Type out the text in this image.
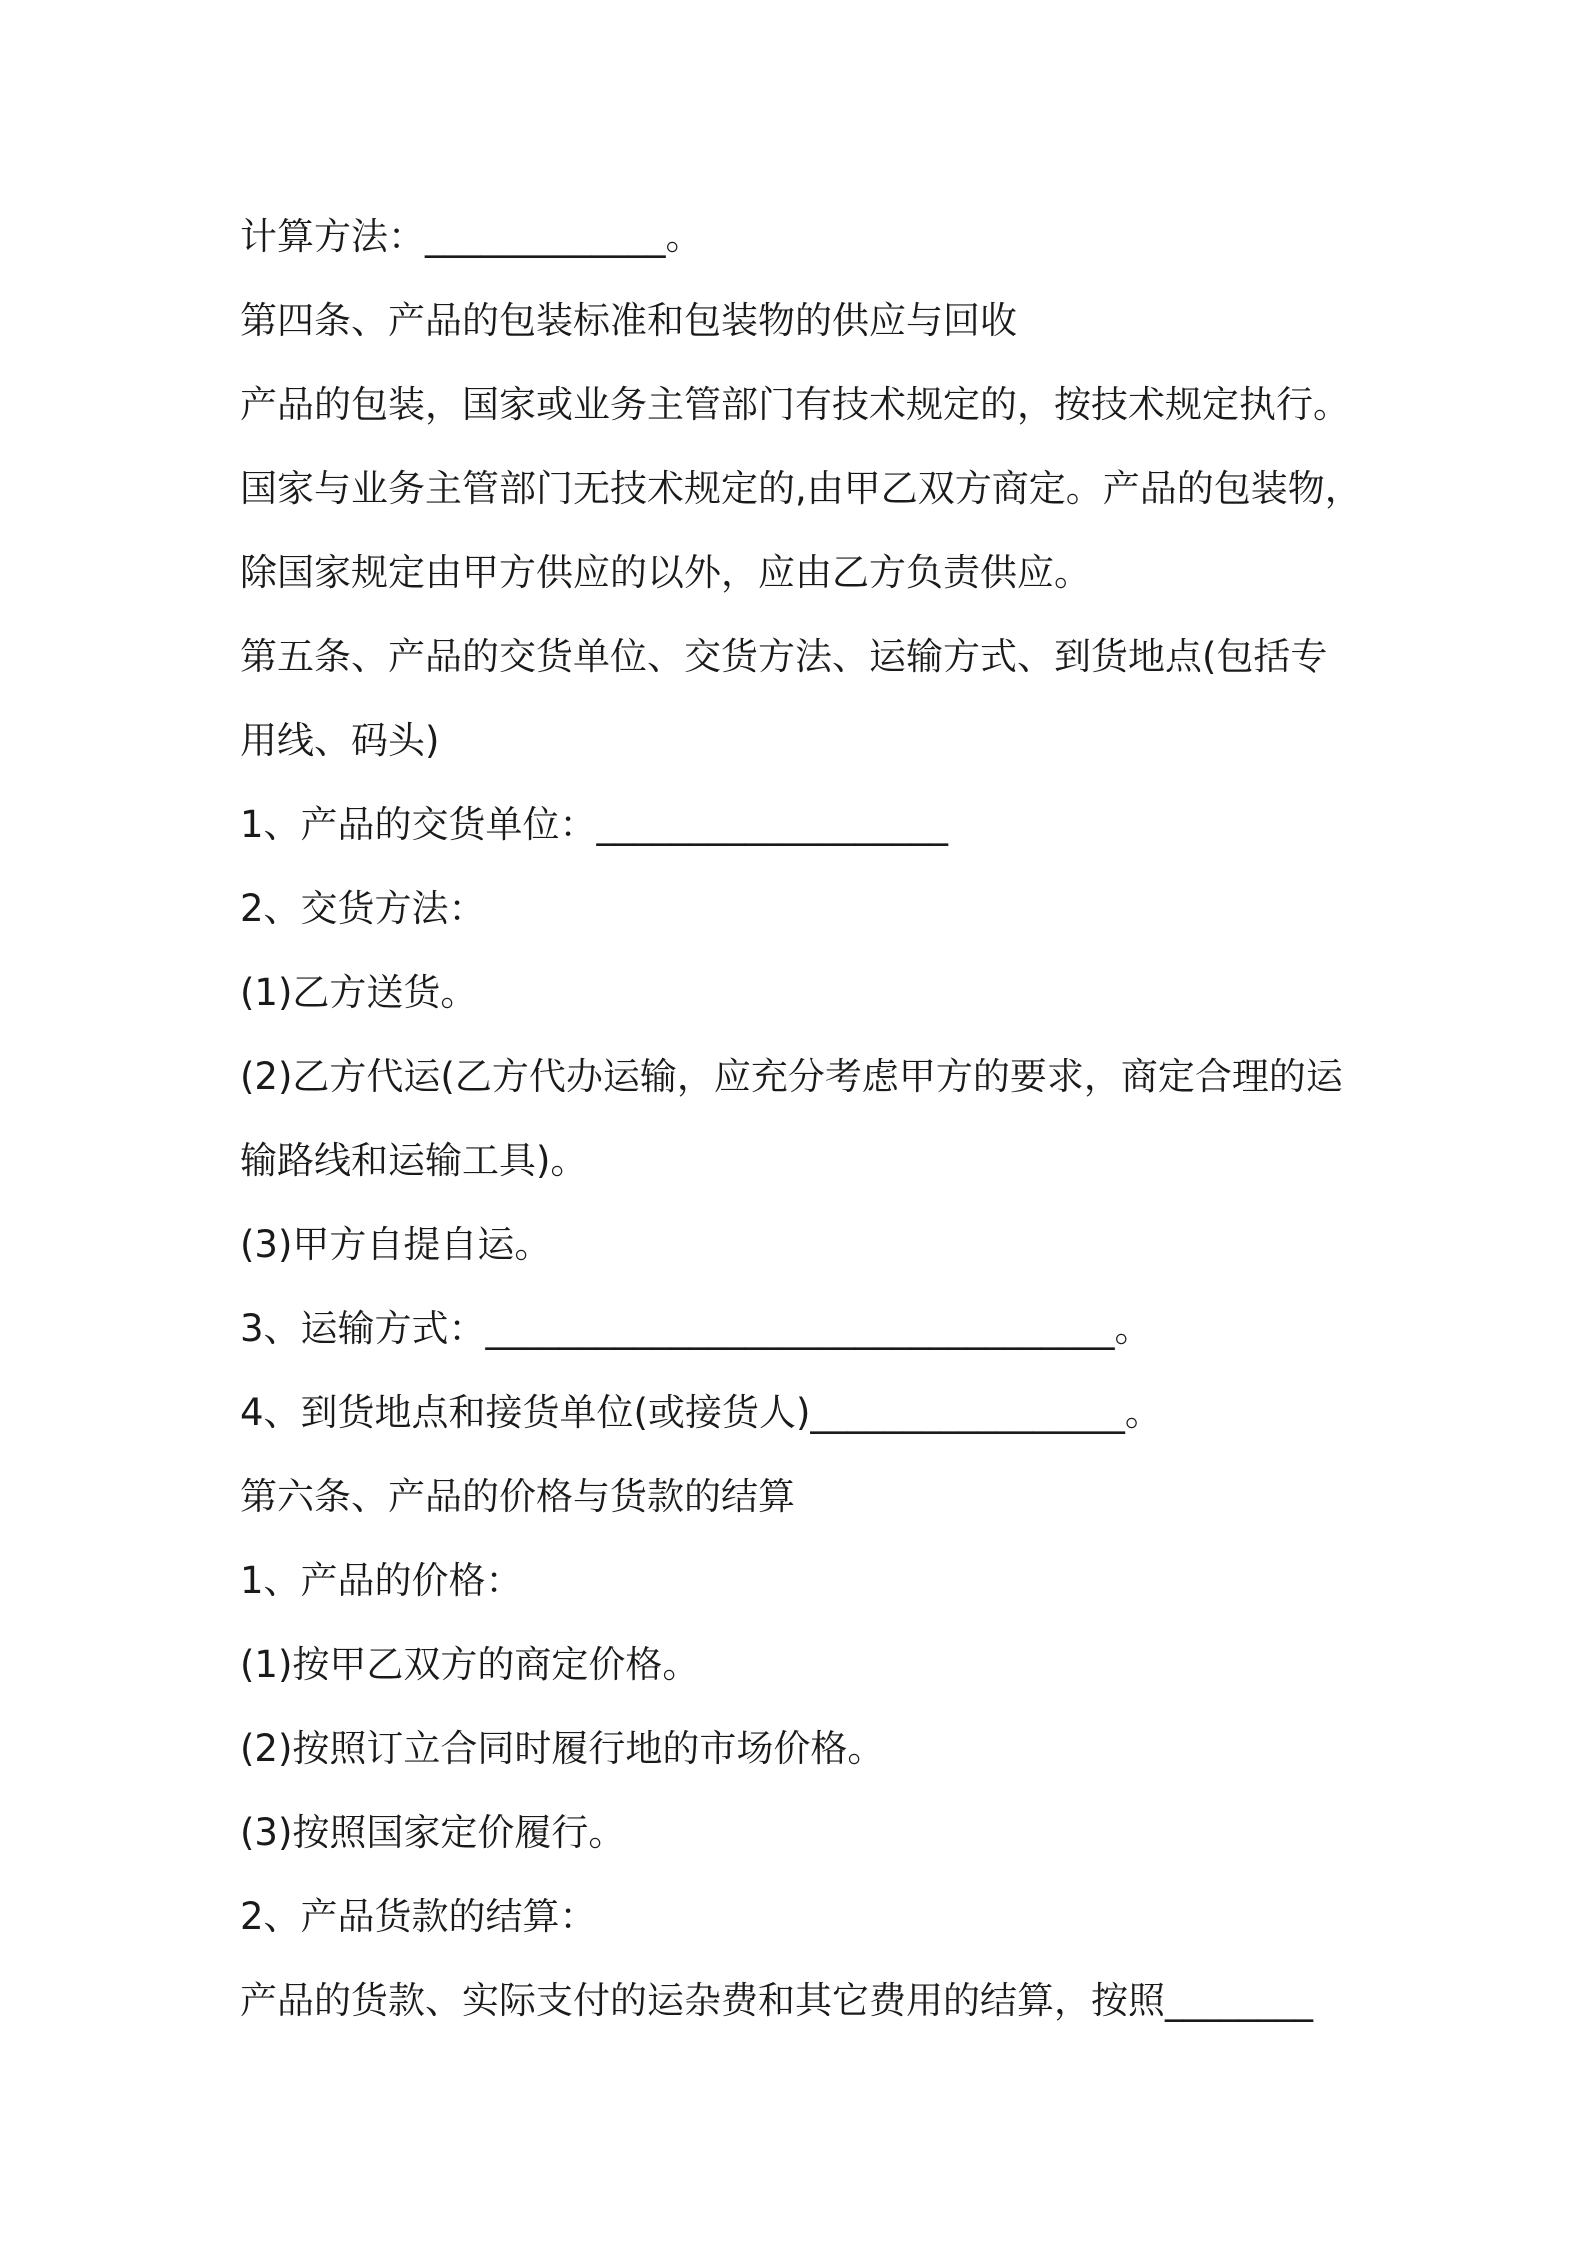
计算方法：_____________。
第四条、产品的包装标准和包装物的供应与回收
产品的包装，国家或业务主管部门有技术规定的，按技术规定执行。
国家与业务主管部门无技术规定的,由甲乙双方商定。产品的包装物，
除国家规定由甲方供应的以外，应由乙方负责供应。
第五条、产品的交货单位、交货方法、运输方式、到货地点(包括专
用线、码头)
1、产品的交货单位：___________________
2、交货方法：
(1)乙方送货。
(2)乙方代运(乙方代办运输，应充分考虑甲方的要求，商定合理的运
输路线和运输工具)。
(3)甲方自提自运。
3、运输方式：__________________________________。
4、到货地点和接货单位(或接货人)_________________。
第六条、产品的价格与货款的结算
1、产品的价格：
(1)按甲乙双方的商定价格。
(2)按照订立合同时履行地的市场价格。
(3)按照国家定价履行。
2、产品货款的结算：
产品的货款、实际支付的运杂费和其它费用的结算，按照________
